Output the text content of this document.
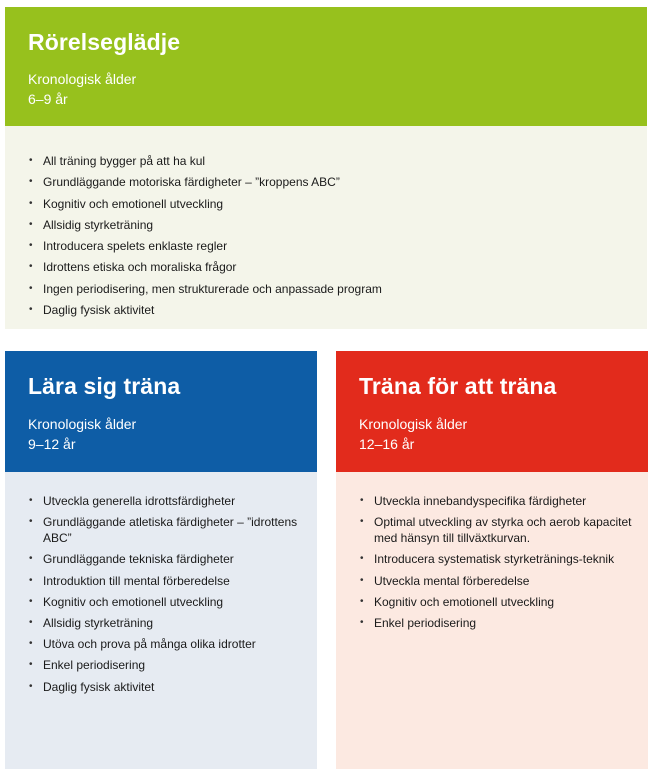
Rörelseglädje
Kronologisk ålder
6–9 år
• All träning bygger på att ha kul
• Grundläggande motoriska färdigheter – ”kroppens ABC”
• Kognitiv och emotionell utveckling
• Allsidig styrketräning
• Introducera spelets enklaste regler
• Idrottens etiska och moraliska frågor
• Ingen periodisering, men strukturerade och anpassade program
• Daglig fysisk aktivitet
Lära sig träna
Kronologisk ålder
9–12 år
• Utveckla generella idrottsfärdigheter
• Grundläggande atletiska färdigheter – ”idrottens ABC”
• Grundläggande tekniska färdigheter
• Introduktion till mental förberedelse
• Kognitiv och emotionell utveckling
• Allsidig styrketräning
• Utöva och prova på många olika idrotter
• Enkel periodisering
• Daglig fysisk aktivitet
Träna för att träna
Kronologisk ålder
12–16 år
• Utveckla innebandyspecifika färdigheter
• Optimal utveckling av styrka och aerob kapacitet med hänsyn till tillväxtkurvan.
• Introducera systematisk styrketränings-teknik
• Utveckla mental förberedelse
• Kognitiv och emotionell utveckling
• Enkel periodisering
